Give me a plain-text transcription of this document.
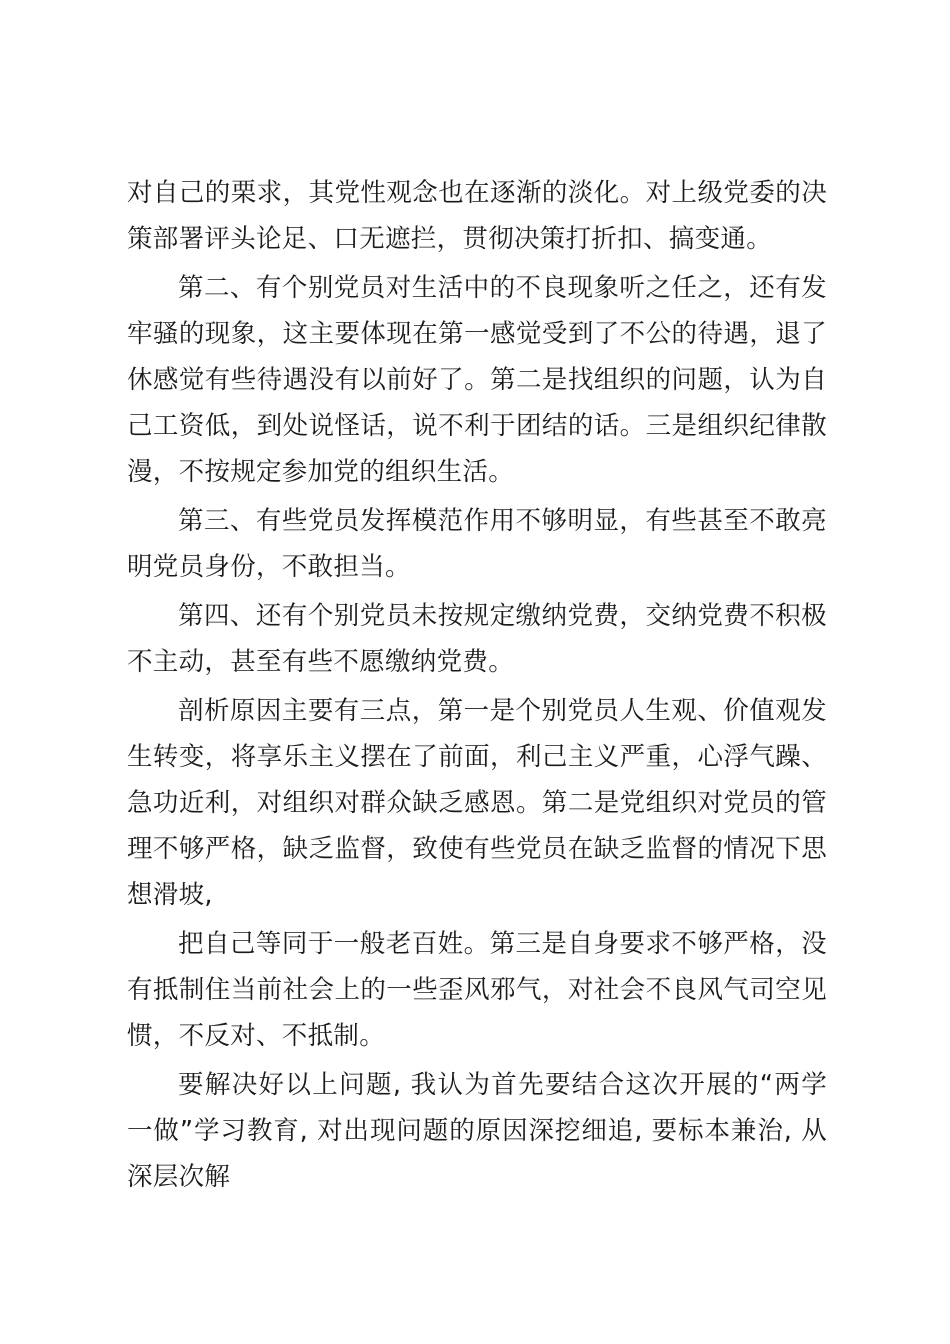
对自己的栗求，其党性观念也在逐渐的淡化。对上级党委的决策部署评头论足、口无遮拦，贯彻决策打折扣、搞变通。

第二、有个别党员对生活中的不良现象听之任之，还有发牢骚的现象，这主要体现在第一感觉受到了不公的待遇，退了休感觉有些待遇没有以前好了。第二是找组织的问题，认为自己工资低，到处说怪话，说不利于团结的话。三是组织纪律散漫，不按规定参加党的组织生活。

第三、有些党员发挥模范作用不够明显，有些甚至不敢亮明党员身份，不敢担当。

第四、还有个别党员未按规定缴纳党费，交纳党费不积极不主动，甚至有些不愿缴纳党费。

剖析原因主要有三点，第一是个别党员人生观、价值观发生转变，将享乐主义摆在了前面，利己主义严重，心浮气躁、急功近利，对组织对群众缺乏感恩。第二是党组织对党员的管理不够严格，缺乏监督，致使有些党员在缺乏监督的情况下思想滑坡,

把自己等同于一般老百姓。第三是自身要求不够严格，没有抵制住当前社会上的一些歪风邪气，对社会不良风气司空见惯，不反对、不抵制。

要解决好以上问题, 我认为首先要结合这次开展的“两学一做”学习教育, 对出现问题的原因深挖细追, 要标本兼治, 从深层次解
